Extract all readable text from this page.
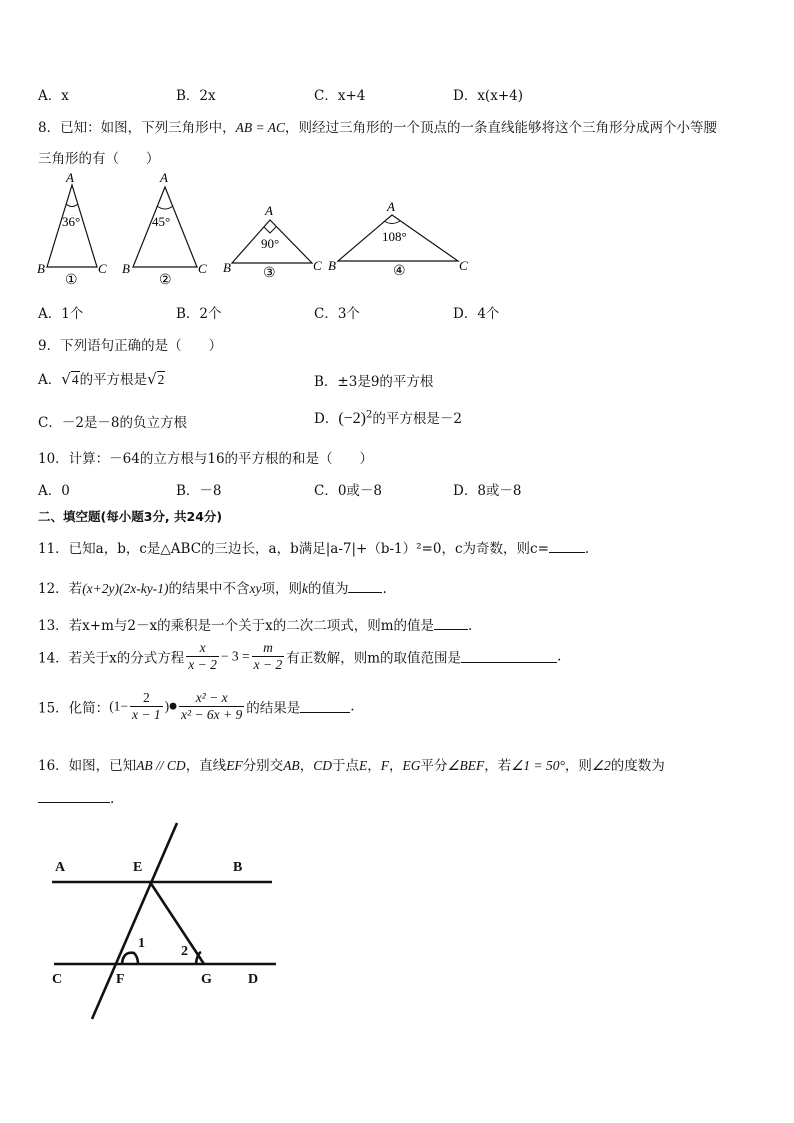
A．x	B．2x	C．x+4	D．x(x+4)
8．已知：如图，下列三角形中，AB = AC，则经过三角形的一个顶点的一条直线能够将这个三角形分成两个小等腰
三角形的有（　　）
A
B	C
36°
①
A
B	C
45°
②
A
B	C
90°
③
A
B	C
108°
④
A．1个	B．2个	C．3个	D．4个
9．下列语句正确的是（　　）
A．√4的平方根是√2	B．±3是9的平方根
C．－2是－8的负立方根	D．$(-2)^2$的平方根是－2
10．计算：－64的立方根与16的平方根的和是（　　）
A．0	B．－8	C．0或－8	D．8或－8
二、填空题(每小题3分, 共24分)
11．已知a，b，c是△ABC的三边长，a，b满足|a-7|+（b-1）²=0，c为奇数，则c=	.
12．若(x+2y)(2x-ky-1)的结果中不含xy项，则k的值为	.
13．若x+m与2－x的乘积是一个关于x的二次二项式，则m的值是	.
14．若关于x的分式方程 $\frac{x}{x - 2} - 3 = \frac{m}{x - 2}$ 有正数解，则m的取值范围是	.
15．化简：($1- \frac{2}{x - 1}$ )● $\frac{\text{x² − x}}{\text{x² − 6x + 9}}$ 的结果是	.
16．如图，已知AB // CD，直线EF分别交AB，CD于点E，F，EG平分∠BEF，若∠1 = 50°，则∠2的度数为
.
A	E	B
C	F	G	D
1
2
